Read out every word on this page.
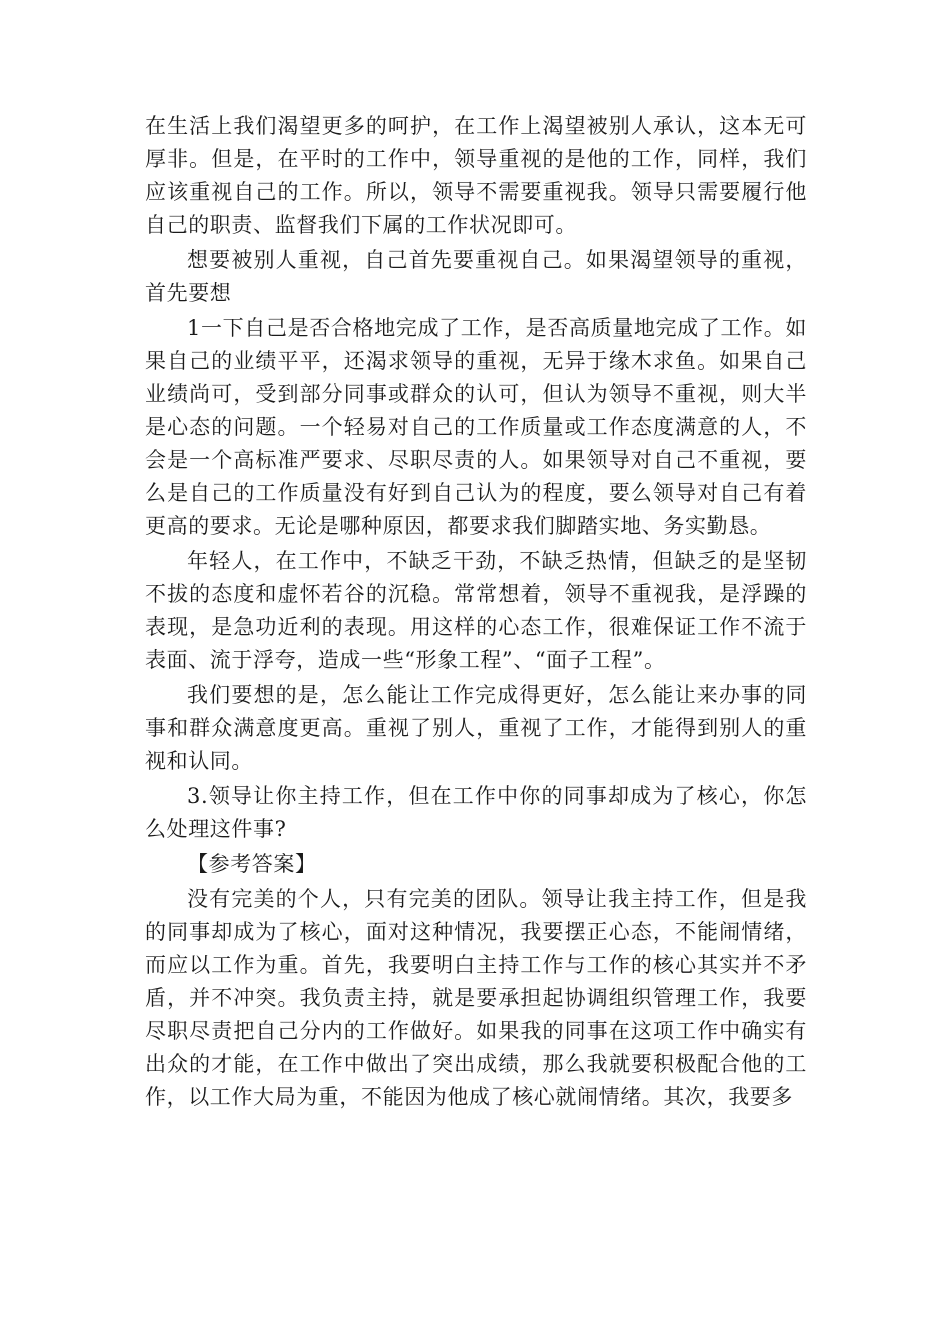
在生活上我们渴望更多的呵护，在工作上渴望被别人承认，这本无可厚非。但是，在平时的工作中，领导重视的是他的工作，同样，我们应该重视自己的工作。所以，领导不需要重视我。领导只需要履行他自己的职责、监督我们下属的工作状况即可。

想要被别人重视，自己首先要重视自己。如果渴望领导的重视，首先要想

1一下自己是否合格地完成了工作，是否高质量地完成了工作。如果自己的业绩平平，还渴求领导的重视，无异于缘木求鱼。如果自己业绩尚可，受到部分同事或群众的认可，但认为领导不重视，则大半是心态的问题。一个轻易对自己的工作质量或工作态度满意的人，不会是一个高标准严要求、尽职尽责的人。如果领导对自己不重视，要么是自己的工作质量没有好到自己认为的程度，要么领导对自己有着更高的要求。无论是哪种原因，都要求我们脚踏实地、务实勤恳。

年轻人，在工作中，不缺乏干劲，不缺乏热情，但缺乏的是坚韧不拔的态度和虚怀若谷的沉稳。常常想着，领导不重视我，是浮躁的表现，是急功近利的表现。用这样的心态工作，很难保证工作不流于表面、流于浮夸，造成一些“形象工程”、“面子工程”。

我们要想的是，怎么能让工作完成得更好，怎么能让来办事的同事和群众满意度更高。重视了别人，重视了工作，才能得到别人的重视和认同。

3.领导让你主持工作，但在工作中你的同事却成为了核心，你怎么处理这件事?

【参考答案】

没有完美的个人，只有完美的团队。领导让我主持工作，但是我的同事却成为了核心，面对这种情况，我要摆正心态，不能闹情绪，而应以工作为重。首先，我要明白主持工作与工作的核心其实并不矛盾，并不冲突。我负责主持，就是要承担起协调组织管理工作，我要尽职尽责把自己分内的工作做好。如果我的同事在这项工作中确实有出众的才能，在工作中做出了突出成绩，那么我就要积极配合他的工作，以工作大局为重，不能因为他成了核心就闹情绪。其次，我要多
